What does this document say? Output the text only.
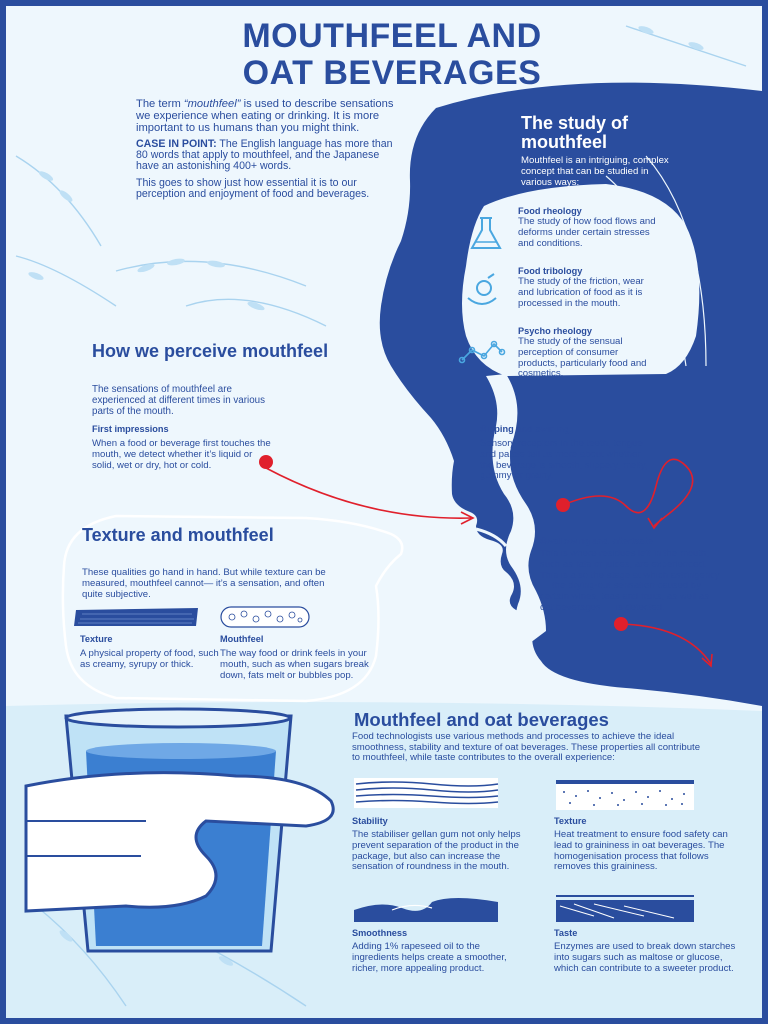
MOUTHFEEL AND
OAT BEVERAGES

The term “mouthfeel” is used to describe sensations we experience when eating or drinking. It is more important to us humans than you might think.

CASE IN POINT: The English language has more than 80 words that apply to mouthfeel, and the Japanese have an astonishing 400+ words.

This goes to show just how essential it is to our perception and enjoyment of food and beverages.

The study of mouthfeel
Mouthfeel is an intriguing, complex concept that can be studied in various ways:
Food rheology
The study of how food flows and deforms under certain stresses and conditions.
Food tribology
The study of the friction, wear and lubrication of food as it is processed in the mouth.
Psycho rheology
The study of the sensual perception of consumer products, particularly food and cosmetics.
How we perceive mouthfeel
The sensations of mouthfeel are experienced at different times in various parts of the mouth.
First impressions
When a food or beverage first touches the mouth, we detect whether it’s liquid or solid, wet or dry, hot or cold.
Sipping and swirling
Sensory receptors in the teeth, tongue and palate tell us more about whether the beverage is smooth, slippery, melty, gummy or grainy.
Swallowing and aftertaste
This is where residues left in the mouth, such as fats or juices, are experienced. This is also the stage at which astringency — the drying-out sensation caused by certain wines, teas and fruits, as well as oat beverages — is detected.
Texture and mouthfeel
These qualities go hand in hand. But while texture can be measured, mouthfeel cannot— it’s a sensation, and often quite subjective.
Texture
A physical property of food, such as creamy, syrupy or thick.
Mouthfeel
The way food or drink feels in your mouth, such as when sugars break down, fats melt or bubbles pop.
Mouthfeel and oat beverages
Food technologists use various methods and processes to achieve the ideal smoothness, stability and texture of oat beverages. These properties all contribute to mouthfeel, while taste contributes to the overall experience:
Stability
The stabiliser gellan gum not only helps prevent separation of the product in the package, but also can increase the sensation of roundness in the mouth.
Texture
Heat treatment to ensure food safety can lead to graininess in oat beverages. The homogenisation process that follows removes this graininess.
Smoothness
Adding 1% rapeseed oil to the ingredients helps create a smoother, richer, more appealing product.
Taste
Enzymes are used to break down starches into sugars such as maltose or glucose, which can contribute to a sweeter product.
